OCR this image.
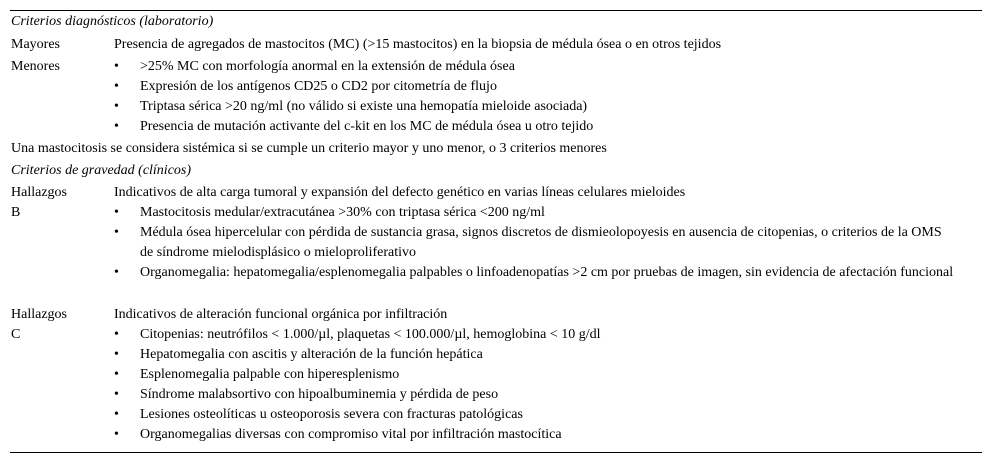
Criterios diagnósticos (laboratorio)
Mayores	Presencia de agregados de mastocitos (MC) (>15 mastocitos) en la biopsia de médula ósea o en otros tejidos
Menores	• >25% MC con morfología anormal en la extensión de médula ósea
• Expresión de los antígenos CD25 o CD2 por citometría de flujo
• Triptasa sérica >20 ng/ml (no válido si existe una hemopatía mieloide asociada)
• Presencia de mutación activante del c-kit en los MC de médula ósea u otro tejido
Una mastocitosis se considera sistémica si se cumple un criterio mayor y uno menor, o 3 criterios menores
Criterios de gravedad (clínicos)
Hallazgos
B
Indicativos de alta carga tumoral y expansión del defecto genético en varias líneas celulares mieloides
• Mastocitosis medular/extracutánea >30% con triptasa sérica <200 ng/ml
• Médula ósea hipercelular con pérdida de sustancia grasa, signos discretos de dismieolopoyesis en ausencia de citopenias, o criterios de la OMS de síndrome mielodisplásico o mieloproliferativo
• Organomegalia: hepatomegalia/esplenomegalia palpables o linfoadenopatías >2 cm por pruebas de imagen, sin evidencia de afectación funcional
Hallazgos
C
Indicativos de alteración funcional orgánica por infiltración
• Citopenias: neutrófilos < 1.000/µl, plaquetas < 100.000/µl, hemoglobina < 10 g/dl
• Hepatomegalia con ascitis y alteración de la función hepática
• Esplenomegalia palpable con hiperesplenismo
• Síndrome malabsortivo con hipoalbuminemia y pérdida de peso
• Lesiones osteolíticas u osteoporosis severa con fracturas patológicas
• Organomegalias diversas con compromiso vital por infiltración mastocítica
